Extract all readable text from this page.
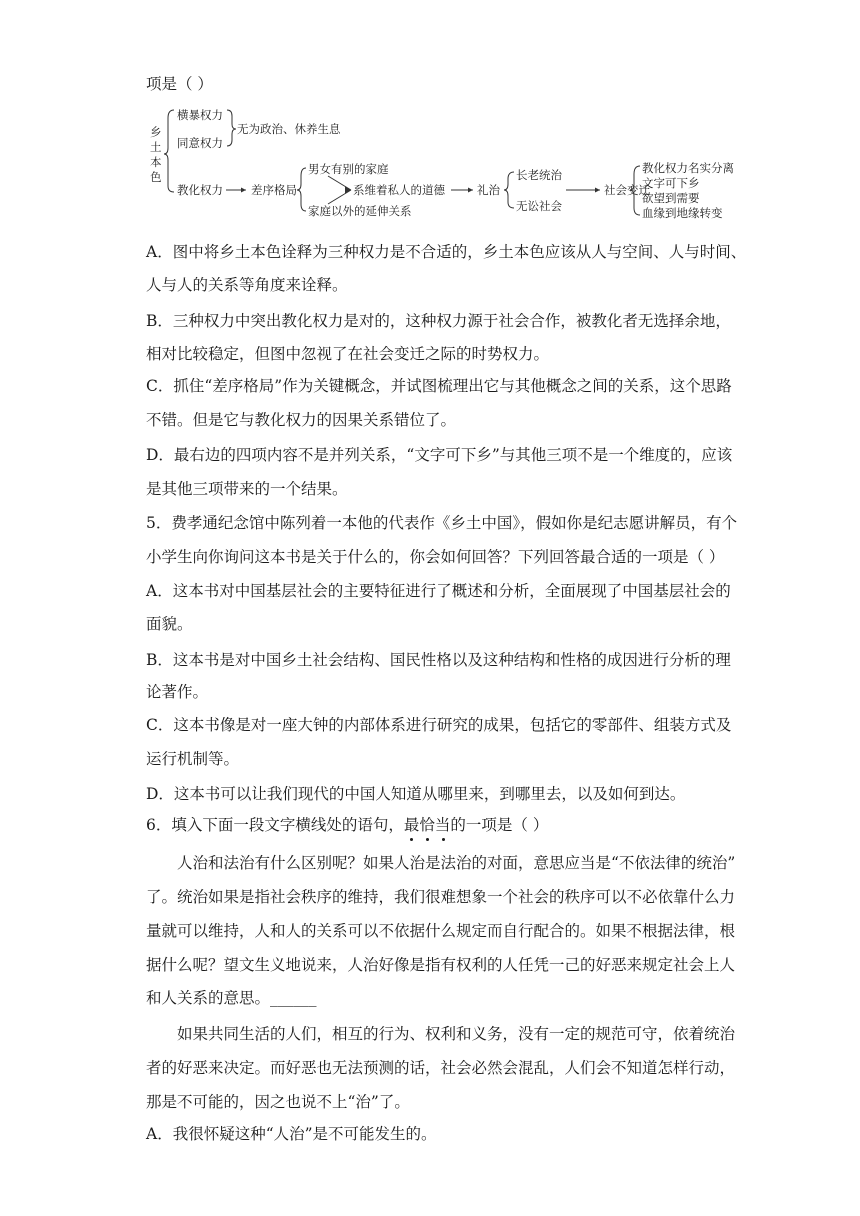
项是（ ）
乡
土
本
色
横暴权力
同意权力
无为政治、休养生息
教化权力 差序格局
男女有别的家庭
系维着私人的道德
家庭以外的延伸关系
礼治
长老统治
无讼社会
社会变迁
教化权力名实分离
文字可下乡
欲望到需要
血缘到地缘转变
A．图中将乡土本色诠释为三种权力是不合适的，乡土本色应该从人与空间、人与时间、
人与人的关系等角度来诠释。
B．三种权力中突出教化权力是对的，这种权力源于社会合作，被教化者无选择余地，
相对比较稳定，但图中忽视了在社会变迁之际的时势权力。
C．抓住“差序格局”作为关键概念，并试图梳理出它与其他概念之间的关系，这个思路
不错。但是它与教化权力的因果关系错位了。
D．最右边的四项内容不是并列关系，“文字可下乡”与其他三项不是一个维度的，应该
是其他三项带来的一个结果。
5．费孝通纪念馆中陈列着一本他的代表作《乡土中国》，假如你是纪志愿讲解员，有个
小学生向你询问这本书是关于什么的，你会如何回答？下列回答最合适的一项是（ ）
A．这本书对中国基层社会的主要特征进行了概述和分析，全面展现了中国基层社会的
面貌。
B．这本书是对中国乡土社会结构、国民性格以及这种结构和性格的成因进行分析的理
论著作。
C．这本书像是对一座大钟的内部体系进行研究的成果，包括它的零部件、组装方式及
运行机制等。
D．这本书可以让我们现代的中国人知道从哪里来，到哪里去，以及如何到达。
6．填入下面一段文字横线处的语句，最恰当
的一项是（ ）
人治和法治有什么区别呢？如果人治是法治的对面，意思应当是“不依法律的统治”
了。统治如果是指社会秩序的维持，我们很难想象一个社会的秩序可以不必依靠什么力
量就可以维持，人和人的关系可以不依据什么规定而自行配合的。如果不根据法律，根
据什么呢？望文生义地说来，人治好像是指有权利的人任凭一己的好恶来规定社会上人
和人关系的意思。______
如果共同生活的人们，相互的行为、权利和义务，没有一定的规范可守，依着统治
者的好恶来决定。而好恶也无法预测的话，社会必然会混乱，人们会不知道怎样行动，
那是不可能的，因之也说不上“治”了。
A．我很怀疑这种“人治”是不可能发生的。
